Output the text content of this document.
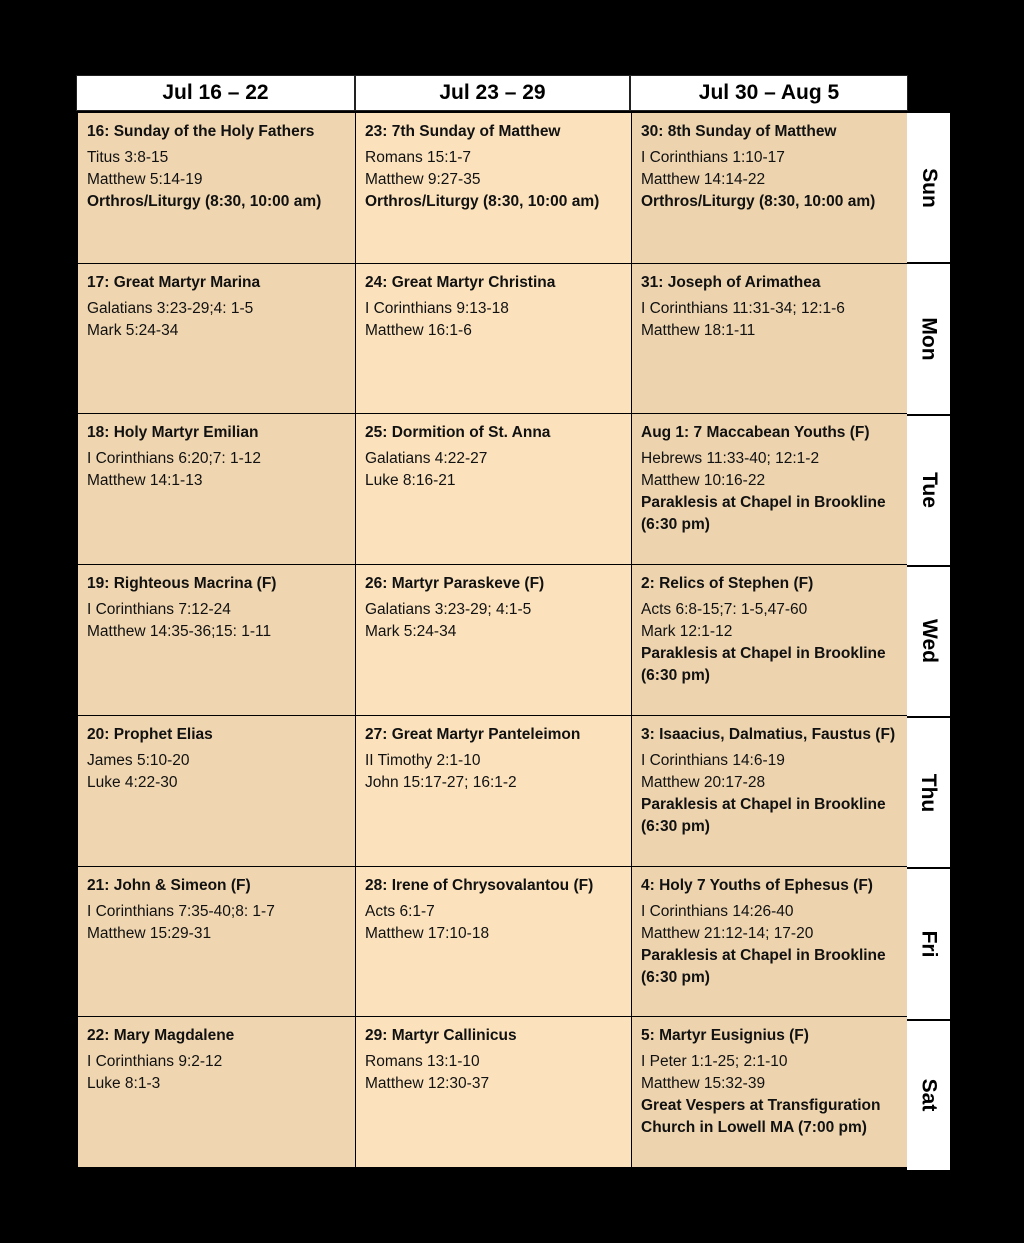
Jul 16 – 22	Jul 23 – 29	Jul 30 – Aug 5
16: Sunday of the Holy Fathers
Titus 3:8-15
Matthew 5:14-19
Orthros/Liturgy (8:30, 10:00 am)
23: 7th Sunday of Matthew
Romans 15:1-7
Matthew 9:27-35
Orthros/Liturgy (8:30, 10:00 am)
30: 8th Sunday of Matthew
I Corinthians 1:10-17
Matthew 14:14-22
Orthros/Liturgy (8:30, 10:00 am)
17: Great Martyr Marina
Galatians 3:23-29;4: 1-5
Mark 5:24-34
24: Great Martyr Christina
I Corinthians 9:13-18
Matthew 16:1-6
31: Joseph of Arimathea
I Corinthians 11:31-34; 12:1-6
Matthew 18:1-11
18: Holy Martyr Emilian
I Corinthians 6:20;7: 1-12
Matthew 14:1-13
25: Dormition of St. Anna
Galatians 4:22-27
Luke 8:16-21
Aug 1: 7 Maccabean Youths (F)
Hebrews 11:33-40; 12:1-2
Matthew 10:16-22
Paraklesis at Chapel in Brookline
(6:30 pm)
19: Righteous Macrina (F)
I Corinthians 7:12-24
Matthew 14:35-36;15: 1-11
26: Martyr Paraskeve (F)
Galatians 3:23-29; 4:1-5
Mark 5:24-34
2: Relics of Stephen (F)
Acts 6:8-15;7: 1-5,47-60
Mark 12:1-12
Paraklesis at Chapel in Brookline
(6:30 pm)
20: Prophet Elias
James 5:10-20
Luke 4:22-30
27: Great Martyr Panteleimon
II Timothy 2:1-10
John 15:17-27; 16:1-2
3: Isaacius, Dalmatius, Faustus (F)
I Corinthians 14:6-19
Matthew 20:17-28
Paraklesis at Chapel in Brookline
(6:30 pm)
21: John & Simeon (F)
I Corinthians 7:35-40;8: 1-7
Matthew 15:29-31
28: Irene of Chrysovalantou (F)
Acts 6:1-7
Matthew 17:10-18
4: Holy 7 Youths of Ephesus (F)
I Corinthians 14:26-40
Matthew 21:12-14; 17-20
Paraklesis at Chapel in Brookline
(6:30 pm)
22: Mary Magdalene
I Corinthians 9:2-12
Luke 8:1-3
29: Martyr Callinicus
Romans 13:1-10
Matthew 12:30-37
5: Martyr Eusignius (F)
I Peter 1:1-25; 2:1-10
Matthew 15:32-39
Great Vespers at Transfiguration
Church in Lowell MA (7:00 pm)
Sun
Mon
Tue
Wed
Thu
Fri
Sat
